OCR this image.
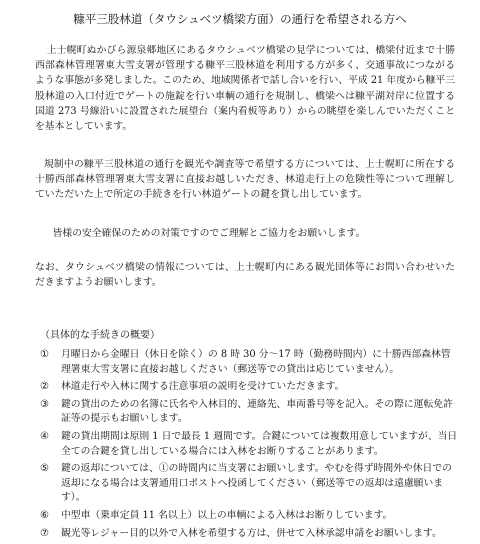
糠平三股林道（タウシュベツ橋梁方面）の通行を希望される方へ

上士幌町ぬかびら源泉郷地区にあるタウシュベツ橋梁の見学については、橋梁付近まで十勝西部森林管理署東大雪支署が管理する糠平三股林道を利用する方が多く、交通事故につながるような事態が多発しました。このため、地域関係者で話し合いを行い、平成 21 年度から糠平三股林道の入口付近でゲートの施錠を行い車輌の通行を規制し、橋梁へは糠平湖対岸に位置する国道 273 号線沿いに設置された展望台（案内看板等あり）からの眺望を楽しんでいただくことを基本としています。

規制中の糠平三股林道の通行を観光や調査等で希望する方については、上士幌町に所在する十勝西部森林管理署東大雪支署に直接お越しいただき、林道走行上の危険性等について理解していただいた上で所定の手続きを行い林道ゲートの鍵を貸し出しています。

皆様の安全確保のための対策ですのでご理解とご協力をお願いします。

なお、タウシュベツ橋梁の情報については、上士幌町内にある観光団体等にお問い合わせいただきますようお願いします。

（具体的な手続きの概要）
① 月曜日から金曜日（休日を除く）の 8 時 30 分～17 時（勤務時間内）に十勝西部森林管理署東大雪支署に直接お越しください（郵送等での貸出は応じていません）。
② 林道走行や入林に関する注意事項の説明を受けていただきます。
③ 鍵の貸出のための名簿に氏名や入林目的、連絡先、車両番号等を記入。その際に運転免許証等の提示もお願いします。
④ 鍵の貸出期間は原則 1 日で最長 1 週間です。合鍵については複数用意していますが、当日全ての合鍵を貸し出している場合には入林をお断りすることがあります。
⑤ 鍵の返却については、①の時間内に当支署にお願いします。やむを得ず時間外や休日での返却になる場合は支署通用口ポストへ投函してください（郵送等での返却は遠慮願います）。
⑥ 中型車（乗車定員 11 名以上）以上の車輌による入林はお断りしています。
⑦ 観光等レジャー目的以外で入林を希望する方は、併せて入林承認申請をお願いします。
